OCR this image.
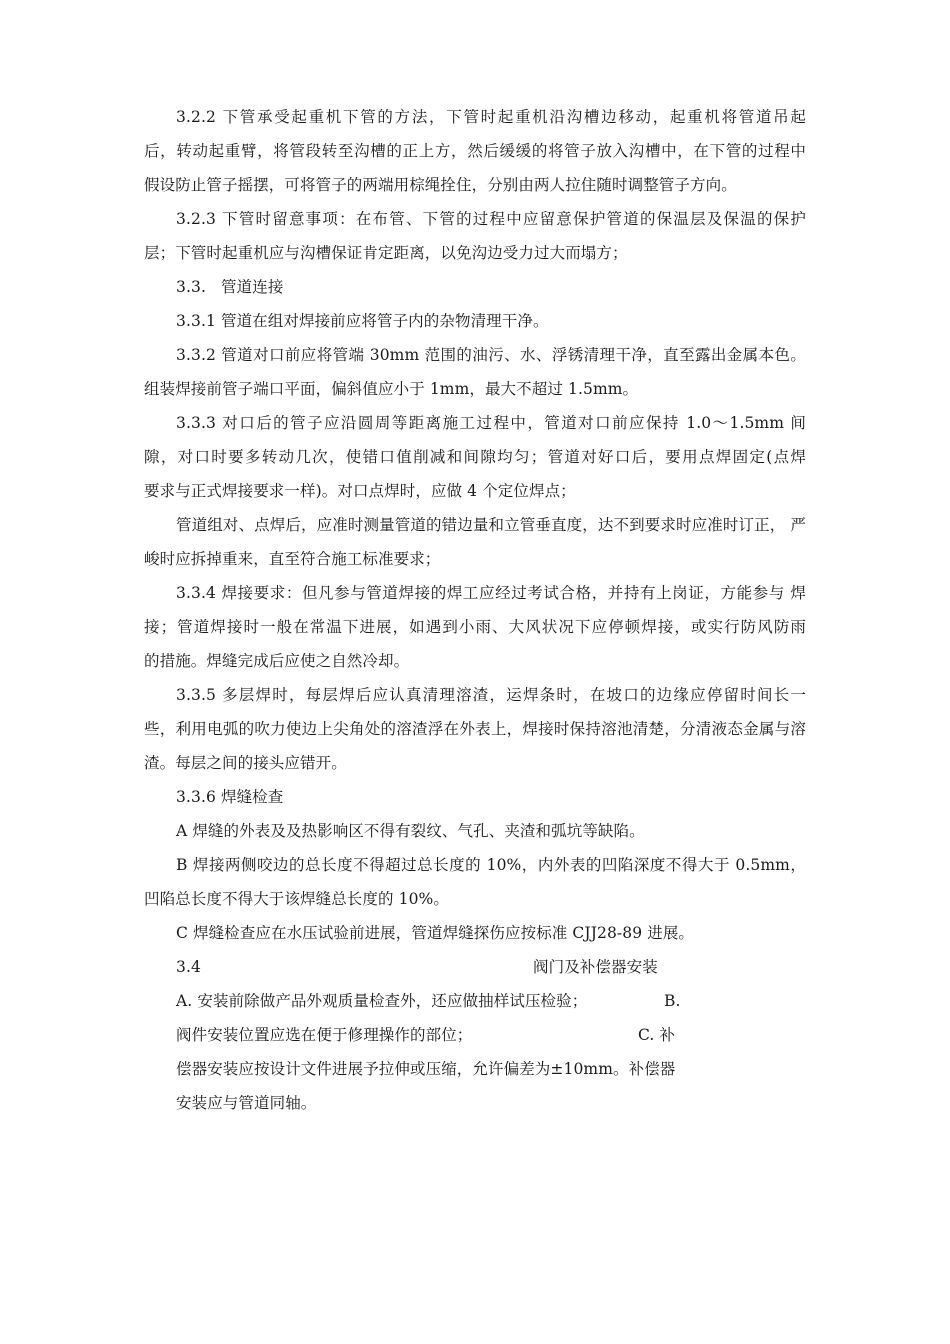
3.2.2 下管承受起重机下管的方法，下管时起重机沿沟槽边移动，起重机将管道吊起
后，转动起重臂，将管段转至沟槽的正上方，然后缓缓的将管子放入沟槽中，在下管的过程中
假设防止管子摇摆，可将管子的两端用棕绳拴住，分别由两人拉住随时调整管子方向。
3.2.3 下管时留意事项：在布管、下管的过程中应留意保护管道的保温层及保温的保护
层；下管时起重机应与沟槽保证肯定距离，以免沟边受力过大而塌方；
3.3.   管道连接
3.3.1 管道在组对焊接前应将管子内的杂物清理干净。
3.3.2 管道对口前应将管端 30mm 范围的油污、水、浮锈清理干净，直至露出金属本色。
组装焊接前管子端口平面，偏斜值应小于 1mm，最大不超过 1.5mm。
3.3.3 对口后的管子应沿圆周等距离施工过程中，管道对口前应保持 1.0～1.5mm 间
隙，对口时要多转动几次，使错口值削减和间隙均匀；管道对好口后，要用点焊固定(点焊
要求与正式焊接要求一样)。对口点焊时，应做 4 个定位焊点；
管道组对、点焊后，应准时测量管道的错边量和立管垂直度，达不到要求时应准时订正， 严
峻时应拆掉重来，直至符合施工标准要求；
3.3.4 焊接要求：但凡参与管道焊接的焊工应经过考试合格，并持有上岗证，方能参与 焊
接；管道焊接时一般在常温下进展，如遇到小雨、大风状况下应停顿焊接，或实行防风防雨
的措施。焊缝完成后应使之自然冷却。
3.3.5 多层焊时，每层焊后应认真清理溶渣，运焊条时，在坡口的边缘应停留时间长一
些，利用电弧的吹力使边上尖角处的溶渣浮在外表上，焊接时保持溶池清楚，分清液态金属与溶
渣。每层之间的接头应错开。
3.3.6 焊缝检查
A 焊缝的外表及及热影响区不得有裂纹、气孔、夹渣和弧坑等缺陷。
B 焊接两侧咬边的总长度不得超过总长度的 10%，内外表的凹陷深度不得大于 0.5mm，
凹陷总长度不得大于该焊缝总长度的 10%。
C 焊缝检查应在水压试验前进展，管道焊缝探伤应按标准 CJJ28-89 进展。
3.4	阀门及补偿器安装
A. 安装前除做产品外观质量检查外，还应做抽样试压检验；	B.
阀件安装位置应选在便于修理操作的部位；	C. 补
偿器安装应按设计文件进展予拉伸或压缩，允许偏差为±10mm。补偿器
安装应与管道同轴。
